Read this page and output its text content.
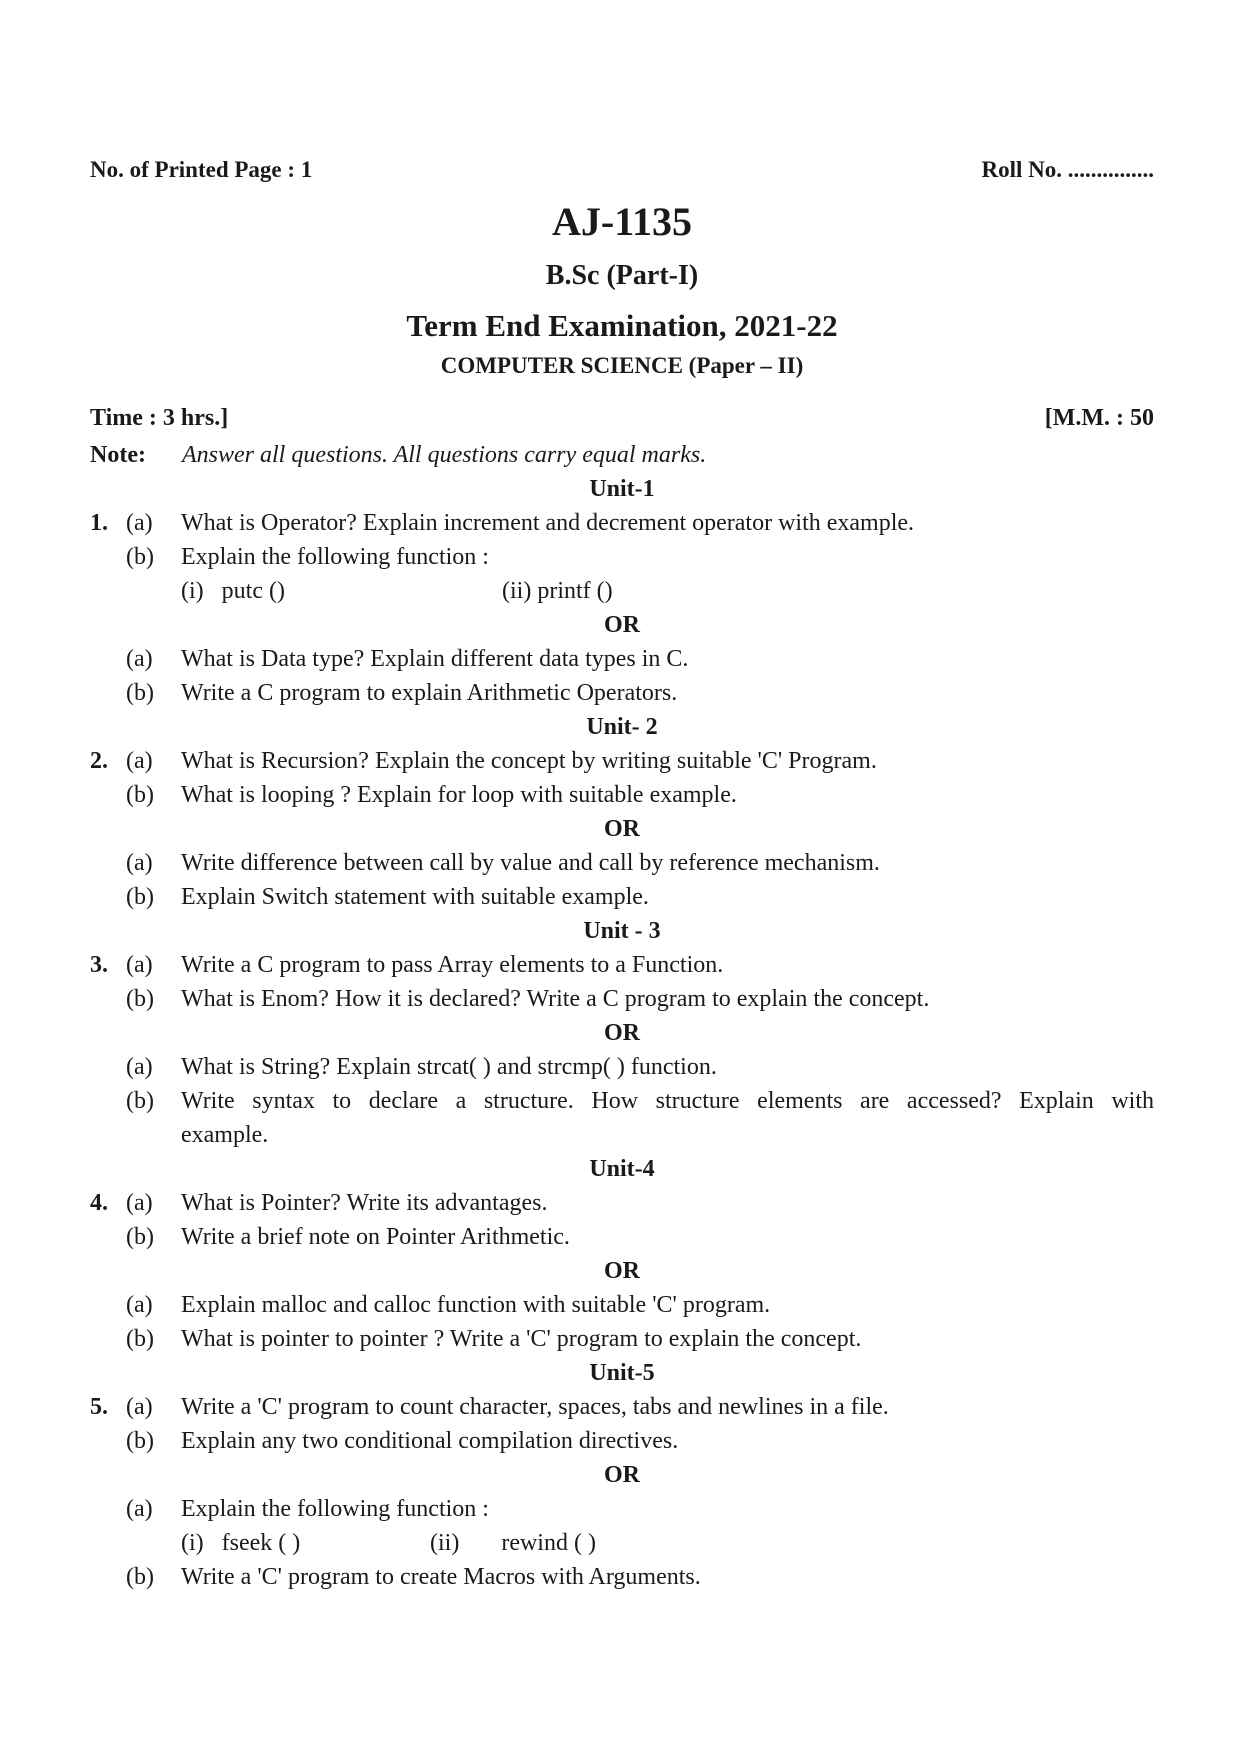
No. of Printed Page : 1	Roll No. ...............
AJ-1135
B.Sc (Part-I)
Term End Examination, 2021-22
COMPUTER SCIENCE (Paper – II)
Time : 3 hrs.]	[M.M. : 50
Note: Answer all questions. All questions carry equal marks.
Unit-1
1. (a) What is Operator? Explain increment and decrement operator with example.
(b) Explain the following function :
(i)   putc ()	(ii) printf ()
OR
(a) What is Data type? Explain different data types in C.
(b) Write a C program to explain Arithmetic Operators.
Unit- 2
2. (a) What is Recursion? Explain the concept by writing suitable 'C' Program.
(b) What is looping ? Explain for loop with suitable example.
OR
(a) Write difference between call by value and call by reference mechanism.
(b) Explain Switch statement with suitable example.
Unit - 3
3. (a) Write a C program to pass Array elements to a Function.
(b) What is Enom? How it is declared? Write a C program to explain the concept.
OR
(a) What is String? Explain strcat( ) and strcmp( ) function.
(b) Write syntax to declare a structure. How structure elements are accessed? Explain with
example.
Unit-4
4. (a) What is Pointer? Write its advantages.
(b) Write a brief note on Pointer Arithmetic.
OR
(a) Explain malloc and calloc function with suitable 'C' program.
(b) What is pointer to pointer ? Write a 'C' program to explain the concept.
Unit-5
5. (a) Write a 'C' program to count character, spaces, tabs and newlines in a file.
(b) Explain any two conditional compilation directives.
OR
(a) Explain the following function :
(i)   fseek ( )	(ii)       rewind ( )
(b) Write a 'C' program to create Macros with Arguments.
